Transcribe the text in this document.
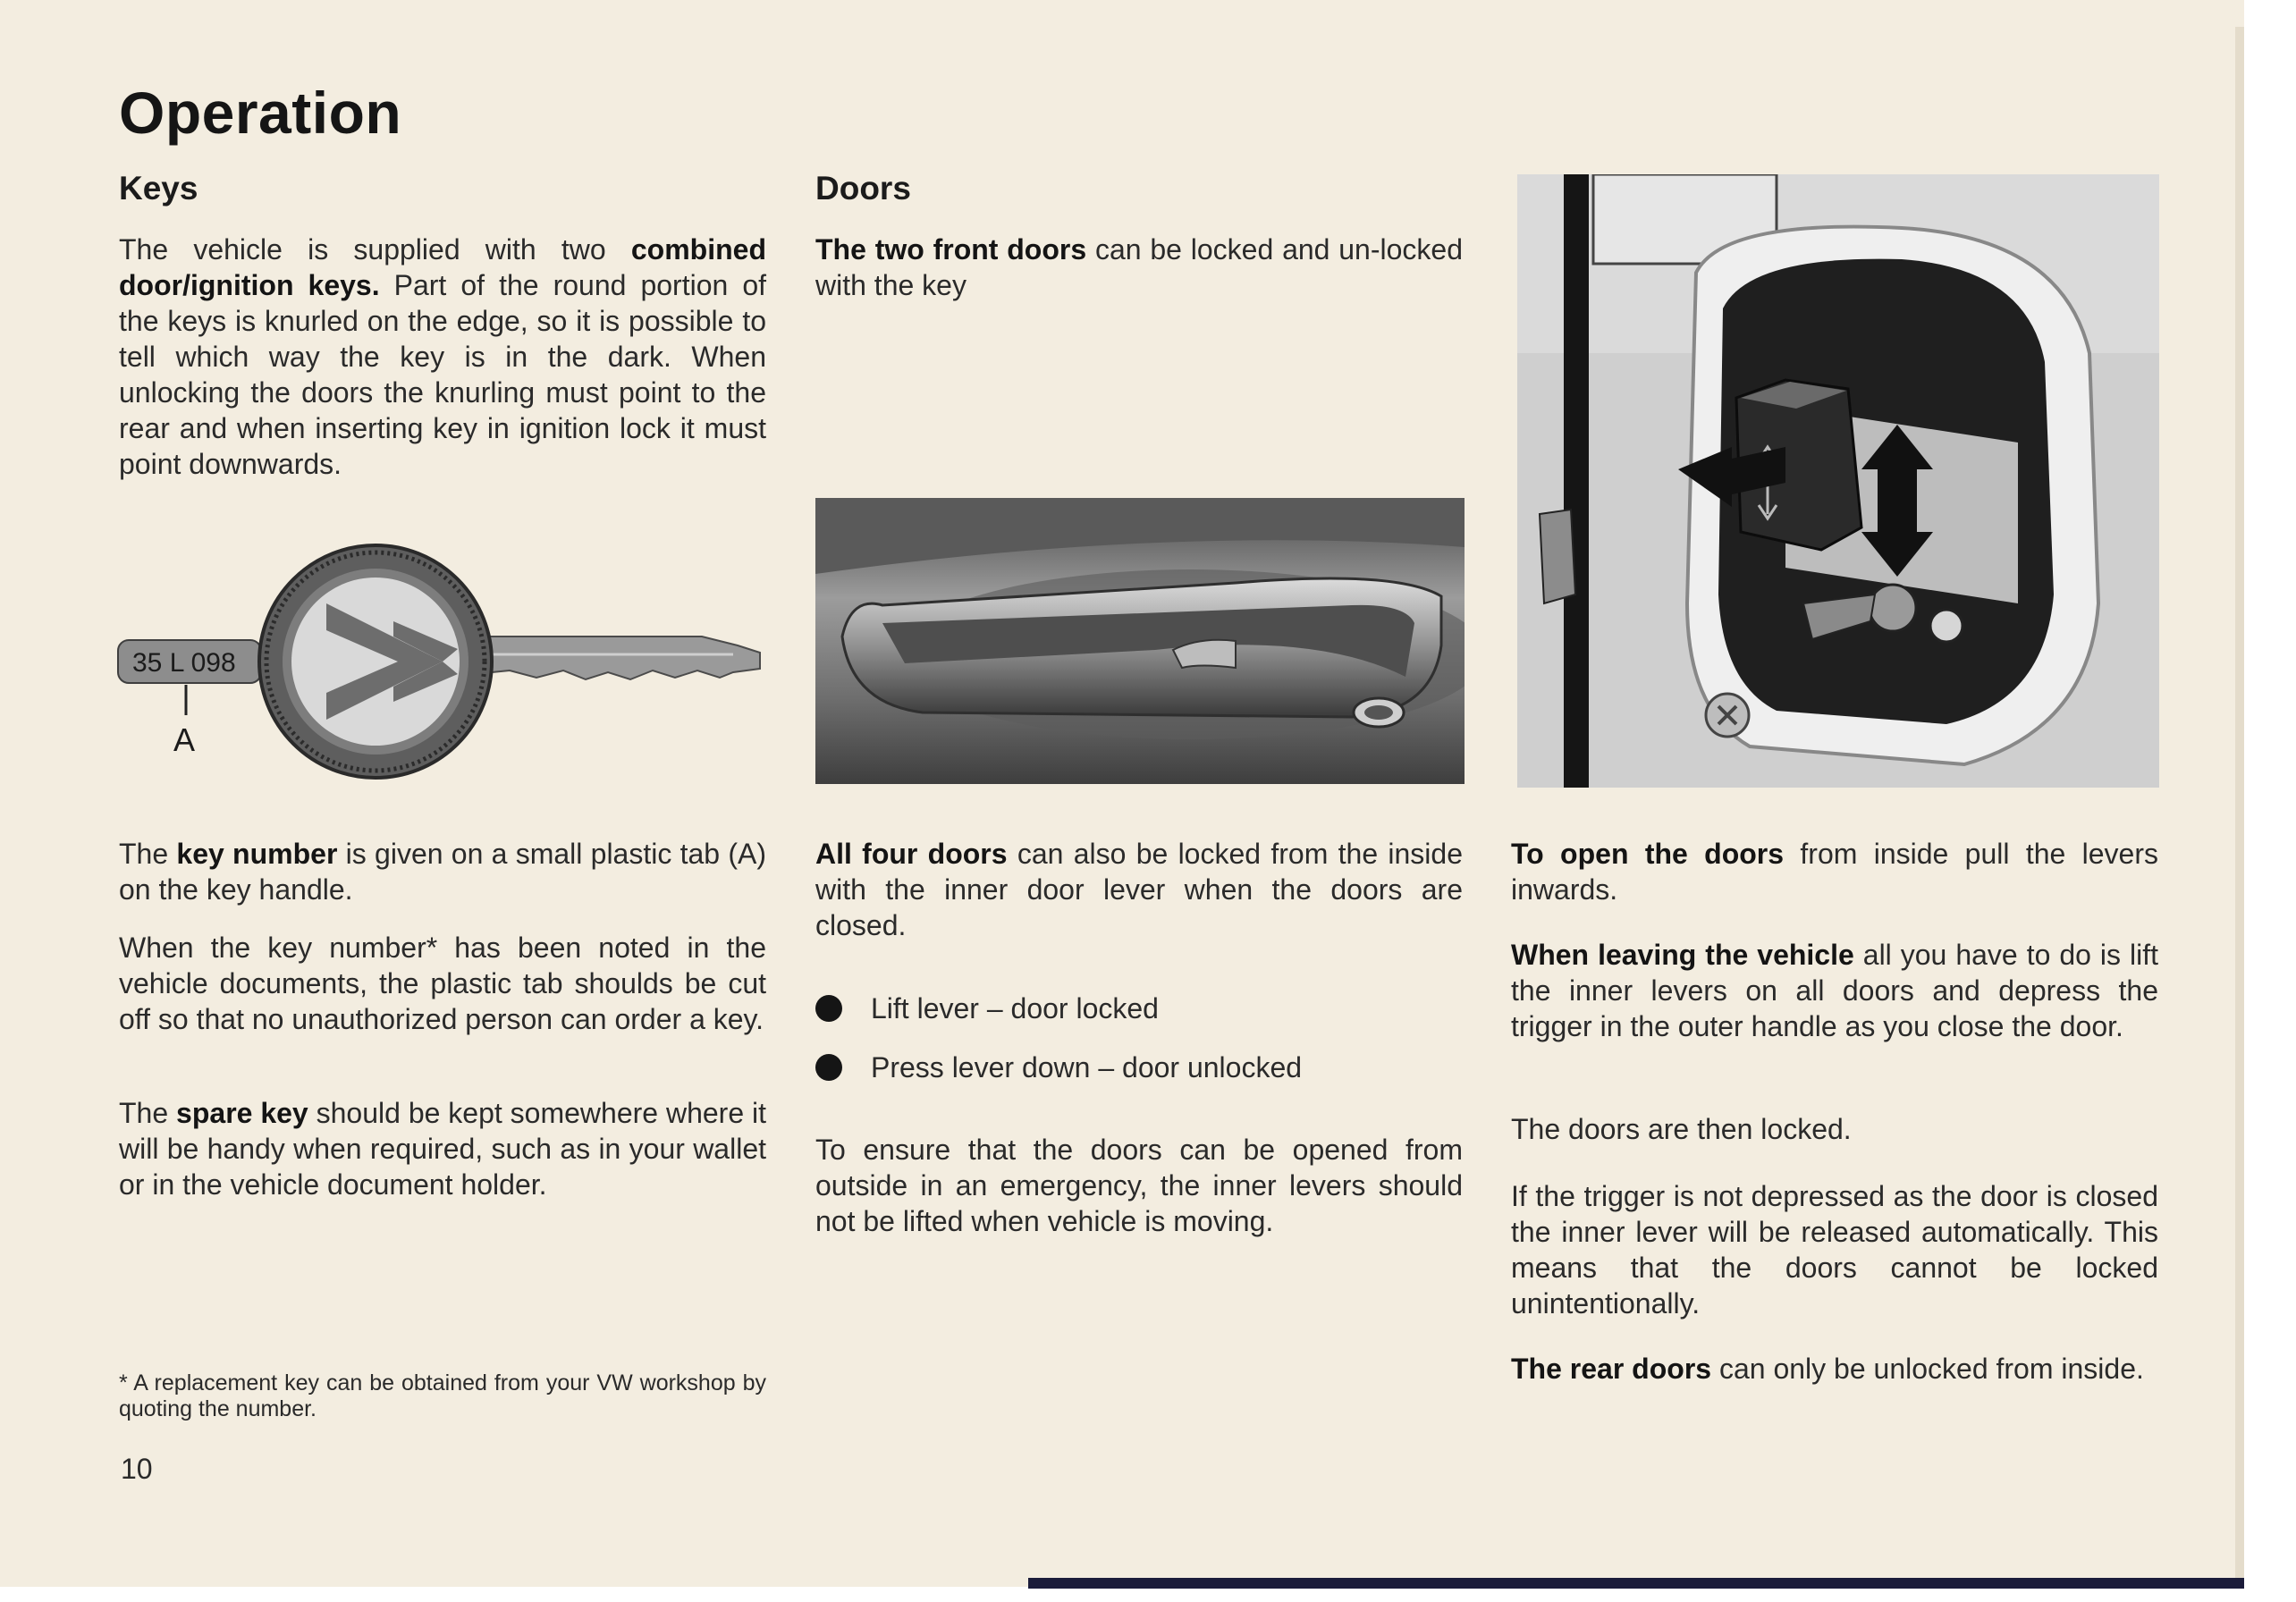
Operation
Keys

The vehicle is supplied with two combined door/ignition keys. Part of the round portion of the keys is knurled on the edge, so it is possible to tell which way the key is in the dark. When unlocking the doors the knurling must point to the rear and when inserting key in ignition lock it must point downwards.

35 L 098
A

The key number is given on a small plastic tab (A) on the key handle.

When the key number* has been noted in the vehicle documents, the plastic tab shoulds be cut off so that no unauthorized person can order a key.

The spare key should be kept somewhere where it will be handy when required, such as in your wallet or in the vehicle document holder.

* A replacement key can be obtained from your VW workshop by quoting the number.
10
Doors

The two front doors can be locked and un-locked with the key

All four doors can also be locked from the inside with the inner door lever when the doors are closed.

Lift lever – door locked
Press lever down – door unlocked

To ensure that the doors can be opened from outside in an emergency, the inner levers should not be lifted when vehicle is moving.

To open the doors from inside pull the levers inwards.

When leaving the vehicle all you have to do is lift the inner levers on all doors and depress the trigger in the outer handle as you close the door.

The doors are then locked.

If the trigger is not depressed as the door is closed the inner lever will be released automatically. This means that the doors cannot be locked unintentionally.

The rear doors can only be unlocked from inside.
